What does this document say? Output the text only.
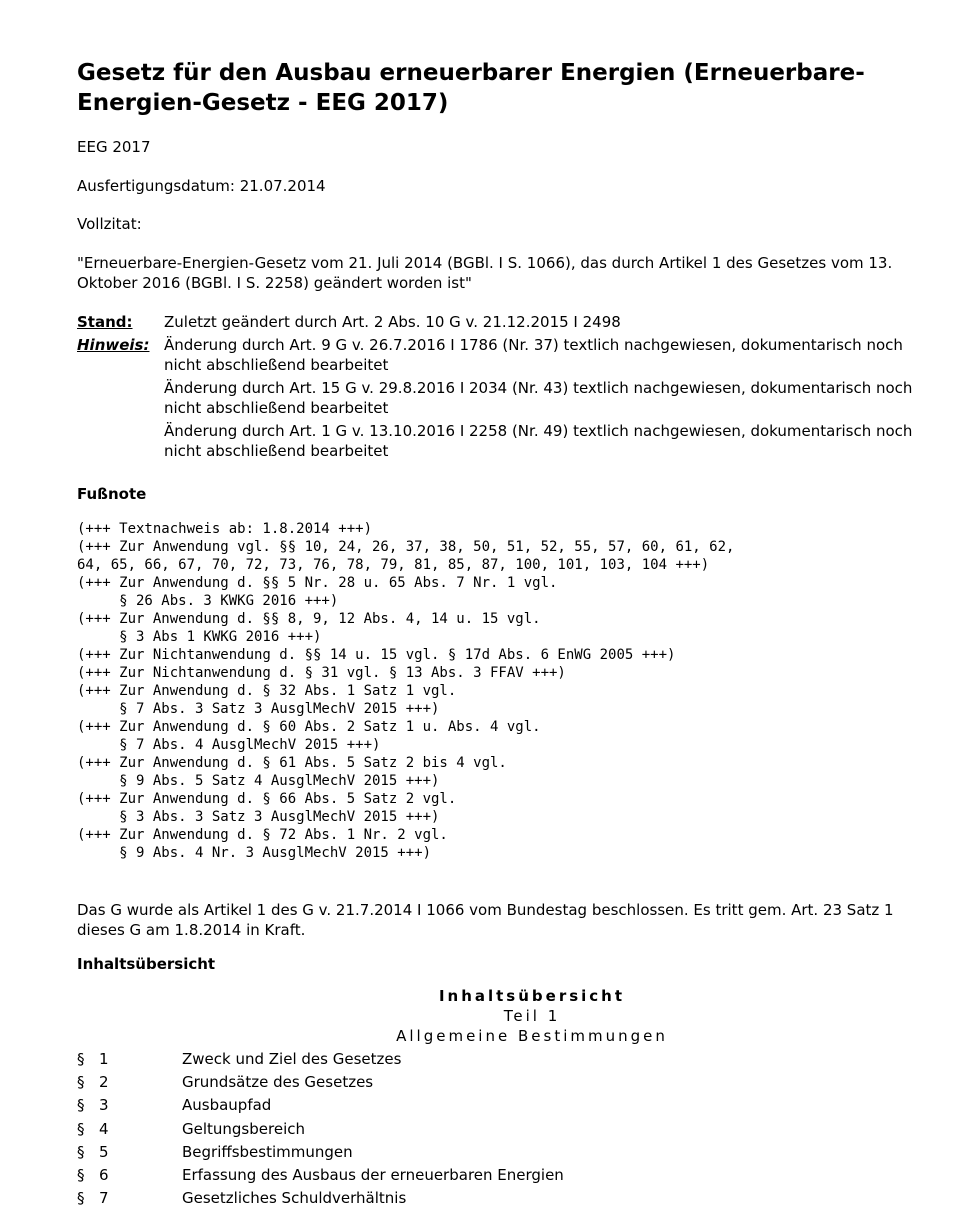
Gesetz für den Ausbau erneuerbarer Energien (Erneuerbare-Energien-Gesetz - EEG 2017)

EEG 2017

Ausfertigungsdatum: 21.07.2014

Vollzitat:

"Erneuerbare-Energien-Gesetz vom 21. Juli 2014 (BGBl. I S. 1066), das durch Artikel 1 des Gesetzes vom 13. Oktober 2016 (BGBl. I S. 2258) geändert worden ist"

Stand:	Zuletzt geändert durch Art. 2 Abs. 10 G v. 21.12.2015 I 2498

Hinweis:	Änderung durch Art. 9 G v. 26.7.2016 I 1786 (Nr. 37) textlich nachgewiesen, dokumentarisch noch nicht abschließend bearbeitet
Änderung durch Art. 15 G v. 29.8.2016 I 2034 (Nr. 43) textlich nachgewiesen, dokumentarisch noch nicht abschließend bearbeitet
Änderung durch Art. 1 G v. 13.10.2016 I 2258 (Nr. 49) textlich nachgewiesen, dokumentarisch noch nicht abschließend bearbeitet

Fußnote

(+++ Textnachweis ab: 1.8.2014 +++)
(+++ Zur Anwendung vgl. §§ 10, 24, 26, 37, 38, 50, 51, 52, 55, 57, 60, 61, 62,
64, 65, 66, 67, 70, 72, 73, 76, 78, 79, 81, 85, 87, 100, 101, 103, 104 +++)
(+++ Zur Anwendung d. §§ 5 Nr. 28 u. 65 Abs. 7 Nr. 1 vgl.
§ 26 Abs. 3 KWKG 2016 +++)
(+++ Zur Anwendung d. §§ 8, 9, 12 Abs. 4, 14 u. 15 vgl.
§ 3 Abs 1 KWKG 2016 +++)
(+++ Zur Nichtanwendung d. §§ 14 u. 15 vgl. § 17d Abs. 6 EnWG 2005 +++)
(+++ Zur Nichtanwendung d. § 31 vgl. § 13 Abs. 3 FFAV +++)
(+++ Zur Anwendung d. § 32 Abs. 1 Satz 1 vgl.
§ 7 Abs. 3 Satz 3 AusglMechV 2015 +++)
(+++ Zur Anwendung d. § 60 Abs. 2 Satz 1 u. Abs. 4 vgl.
§ 7 Abs. 4 AusglMechV 2015 +++)
(+++ Zur Anwendung d. § 61 Abs. 5 Satz 2 bis 4 vgl.
§ 9 Abs. 5 Satz 4 AusglMechV 2015 +++)
(+++ Zur Anwendung d. § 66 Abs. 5 Satz 2 vgl.
§ 3 Abs. 3 Satz 3 AusglMechV 2015 +++)
(+++ Zur Anwendung d. § 72 Abs. 1 Nr. 2 vgl.
§ 9 Abs. 4 Nr. 3 AusglMechV 2015 +++)

Das G wurde als Artikel 1 des G v. 21.7.2014 I 1066 vom Bundestag beschlossen. Es tritt gem. Art. 23 Satz 1 dieses G am 1.8.2014 in Kraft.

Inhaltsübersicht

Inhaltsübersicht
Teil 1
Allgemeine Bestimmungen
§ 1	Zweck und Ziel des Gesetzes
§ 2	Grundsätze des Gesetzes
§ 3	Ausbaupfad
§ 4	Geltungsbereich
§ 5	Begriffsbestimmungen
§ 6	Erfassung des Ausbaus der erneuerbaren Energien
§ 7	Gesetzliches Schuldverhältnis
